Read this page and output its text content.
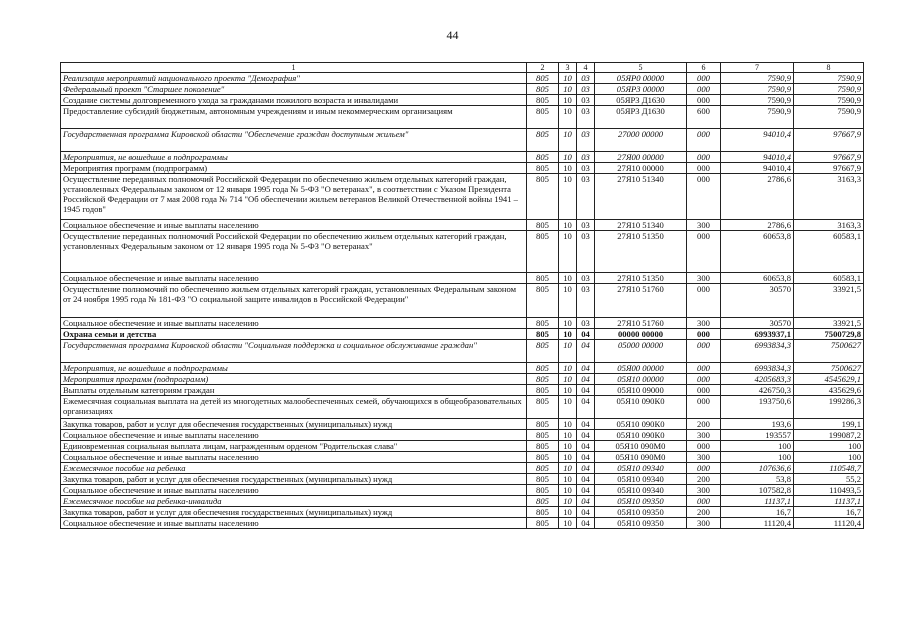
44
1	2	3	4	5	6	7	8
Реализация мероприятий национального проекта "Демография"	805	10	03	05ЯР0 00000	000	7590,9	7590,9
Федеральный проект "Старшее поколение"	805	10	03	05ЯР3 00000	000	7590,9	7590,9
Создание системы долговременного ухода за гражданами пожилого возраста и инвалидами	805	10	03	05ЯР3 Д1630	000	7590,9	7590,9
Предоставление субсидий бюджетным, автономным учреждениям и иным некоммерческим организациям	805	10	03	05ЯР3 Д1630	600	7590,9	7590,9
Государственная программа Кировской области "Обеспечение граждан доступным жильем"	805	10	03	27000 00000	000	94010,4	97667,9
Мероприятия, не вошедшие в подпрограммы	805	10	03	27Я00 00000	000	94010,4	97667,9
Мероприятия программ (подпрограмм)	805	10	03	27Я10 00000	000	94010,4	97667,9
Осуществление переданных полномочий Российской Федерации по обеспечению жильем отдельных категорий граждан, установленных Федеральным законом от 12 января 1995 года № 5-ФЗ "О ветеранах", в соответствии с Указом Президента Российской Федерации от 7 мая 2008 года № 714 "Об обеспечении жильем ветеранов Великой Отечественной войны 1941 – 1945 годов"	805	10	03	27Я10 51340	000	2786,6	3163,3
Социальное обеспечение и иные выплаты населению	805	10	03	27Я10 51340	300	2786,6	3163,3
Осуществление переданных полномочий Российской Федерации по обеспечению жильем отдельных категорий граждан, установленных Федеральным законом от 12 января 1995 года № 5-ФЗ "О ветеранах"	805	10	03	27Я10 51350	000	60653,8	60583,1
Социальное обеспечение и иные выплаты населению	805	10	03	27Я10 51350	300	60653,8	60583,1
Осуществление полномочий по обеспечению жильем отдельных категорий граждан, установленных Федеральным законом от 24 ноября 1995 года № 181-ФЗ "О социальной защите инвалидов в Российской Федерации"	805	10	03	27Я10 51760	000	30570	33921,5
Социальное обеспечение и иные выплаты населению	805	10	03	27Я10 51760	300	30570	33921,5
Охрана семьи и детства	805	10	04	00000 00000	000	6993937,1	7500729,8
Государственная программа Кировской области "Социальная поддержка и социальное обслуживание граждан"	805	10	04	05000 00000	000	6993834,3	7500627
Мероприятия, не вошедшие в подпрограммы	805	10	04	05Я00 00000	000	6993834,3	7500627
Мероприятия программ (подпрограмм)	805	10	04	05Я10 00000	000	4205683,3	4545629,1
Выплаты отдельным категориям граждан	805	10	04	05Я10 09000	000	426750,3	435629,6
Ежемесячная социальная выплата на детей из многодетных малообеспеченных семей, обучающихся в общеобразовательных организациях	805	10	04	05Я10 090К0	000	193750,6	199286,3
Закупка товаров, работ и услуг для обеспечения государственных (муниципальных) нужд	805	10	04	05Я10 090К0	200	193,6	199,1
Социальное обеспечение и иные выплаты населению	805	10	04	05Я10 090К0	300	193557	199087,2
Единовременная социальная выплата лицам, награжденным орденом "Родительская слава"	805	10	04	05Я10 090М0	000	100	100
Социальное обеспечение и иные выплаты населению	805	10	04	05Я10 090М0	300	100	100
Ежемесячное пособие на ребенка	805	10	04	05Я10 09340	000	107636,6	110548,7
Закупка товаров, работ и услуг для обеспечения государственных (муниципальных) нужд	805	10	04	05Я10 09340	200	53,8	55,2
Социальное обеспечение и иные выплаты населению	805	10	04	05Я10 09340	300	107582,8	110493,5
Ежемесячное пособие на ребенка-инвалида	805	10	04	05Я10 09350	000	11137,1	11137,1
Закупка товаров, работ и услуг для обеспечения государственных (муниципальных) нужд	805	10	04	05Я10 09350	200	16,7	16,7
Социальное обеспечение и иные выплаты населению	805	10	04	05Я10 09350	300	11120,4	11120,4
